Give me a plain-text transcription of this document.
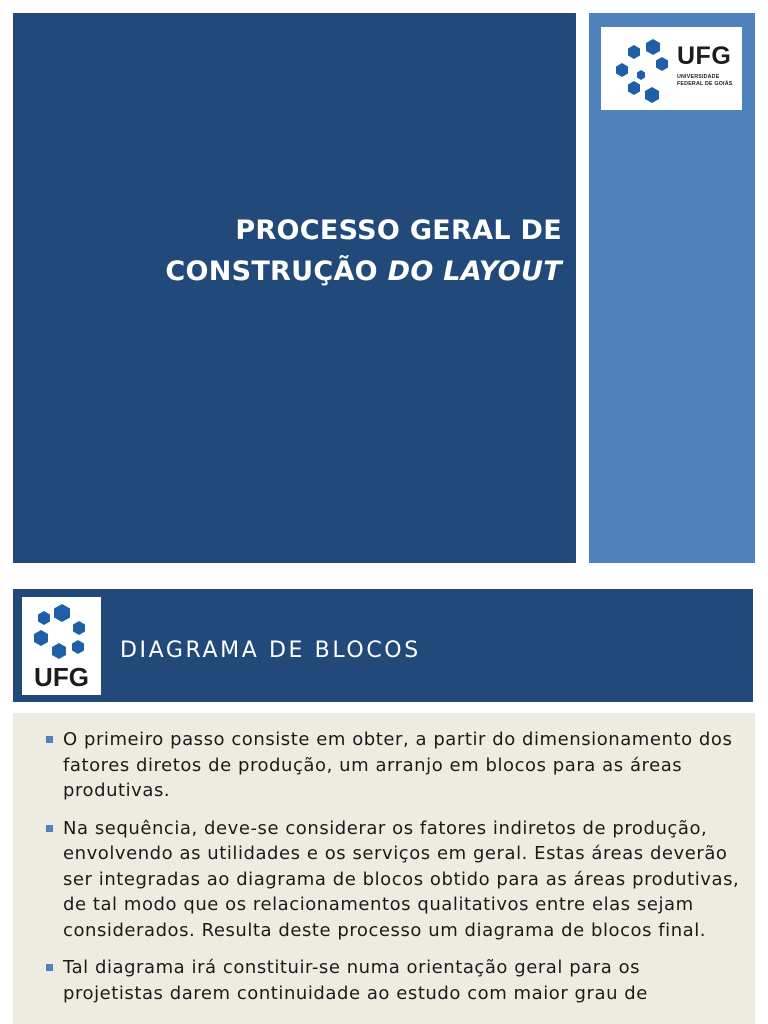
UFG
UNIVERSIDADE
FEDERAL DE GOIÁS
PROCESSO GERAL DE
CONSTRUÇÃO DO LAYOUT
UFG
DIAGRAMA DE BLOCOS
O primeiro passo consiste em obter, a partir do dimensionamento dos fatores diretos de produção, um arranjo em blocos para as áreas produtivas.
Na sequência, deve-se considerar os fatores indiretos de produção, envolvendo as utilidades e os serviços em geral. Estas áreas deverão ser integradas ao diagrama de blocos obtido para as áreas produtivas, de tal modo que os relacionamentos qualitativos entre elas sejam considerados. Resulta deste processo um diagrama de blocos final.
Tal diagrama irá constituir-se numa orientação geral para os projetistas darem continuidade ao estudo com maior grau de
